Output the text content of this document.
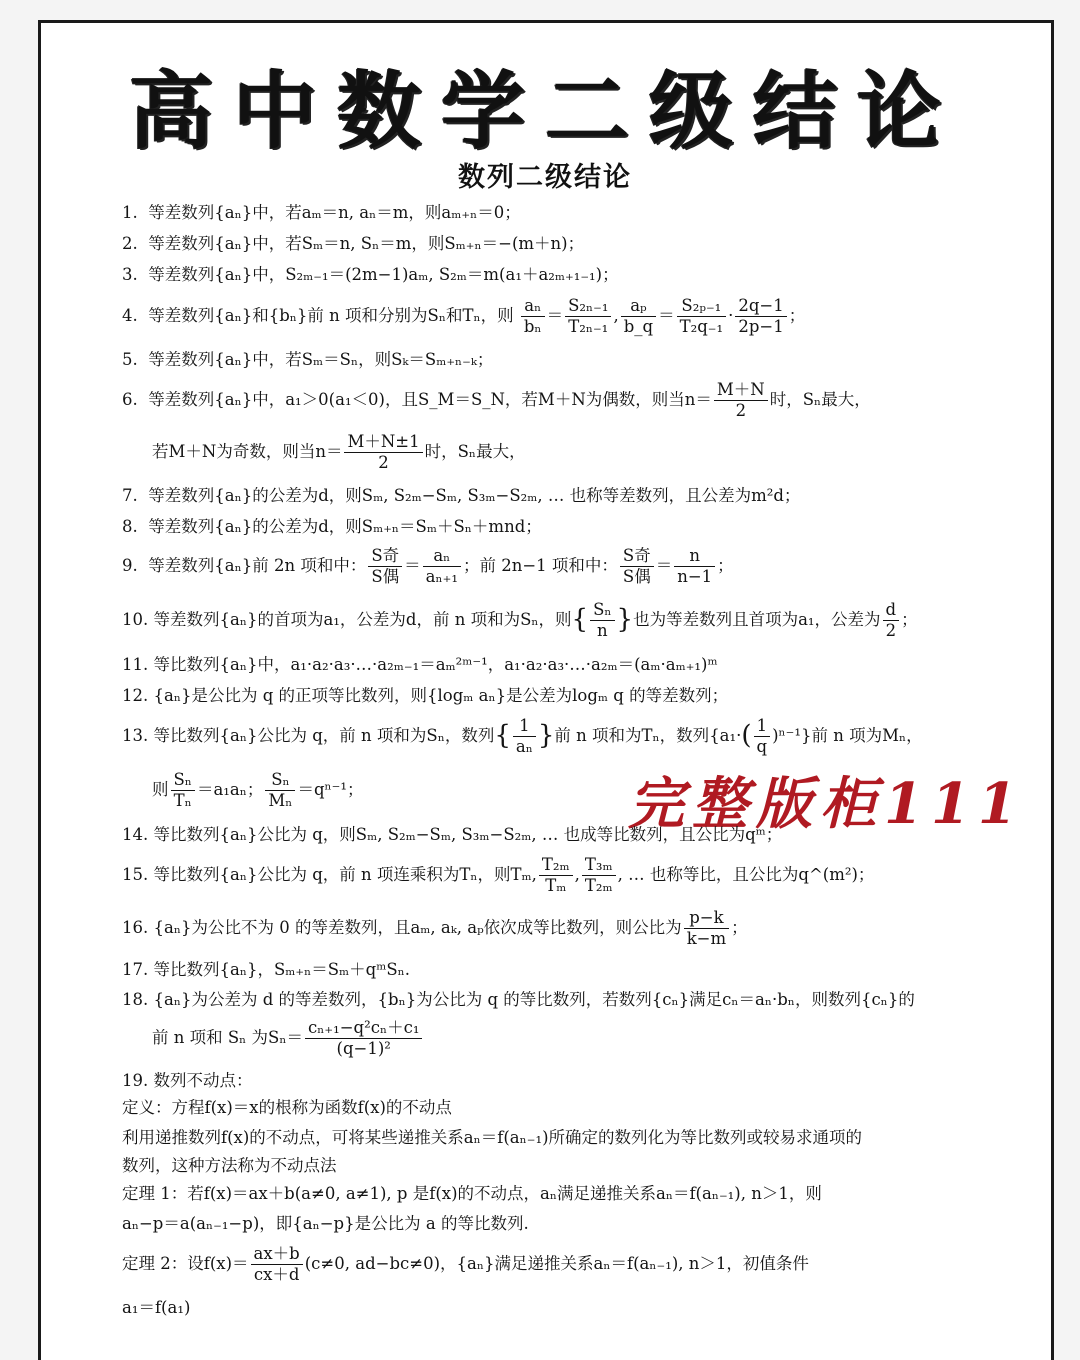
高中数学二级结论
数列二级结论
1. 等差数列{aₙ}中，若aₘ＝n, aₙ＝m，则aₘ₊ₙ＝0；
2. 等差数列{aₙ}中，若Sₘ＝n, Sₙ＝m，则Sₘ₊ₙ＝−(m＋n)；
3. 等差数列{aₙ}中，S₂ₘ₋₁＝(2m−1)aₘ, S₂ₘ＝m(a₁＋a₂ₘ₊₁₋₁)；
4. 等差数列{aₙ}和{bₙ}前 n 项和分别为Sₙ和Tₙ，则 $\frac{\text{aₙ}}{\text{bₙ}} = \frac{\text{S₂ₙ₋₁}}{\text{T₂ₙ₋₁}}$ , $\frac{\text{aₚ}}{b\_q} = \frac{\text{S₂ₚ₋₁}}{\text{T₂q₋₁}} \cdot \frac{2q-1}{2p-1}$ ；
5. 等差数列{aₙ}中，若Sₘ＝Sₙ，则Sₖ＝Sₘ₊ₙ₋ₖ；
6. 等差数列{aₙ}中，a₁＞0(a₁＜0)，且S_M＝S_N，若M＋N为偶数，则当$n= \frac{M+N}{2}$ 时，Sₙ最大，
若M＋N为奇数，则当$n= \frac{M+N\pm 1}{2}$ 时，Sₙ最大，
7. 等差数列{aₙ}的公差为d，则Sₘ, S₂ₘ−Sₘ, S₃ₘ−S₂ₘ, … 也称等差数列，且公差为m²d；
8. 等差数列{aₙ}的公差为d，则Sₘ₊ₙ＝Sₘ＋Sₙ＋mnd；
9. 等差数列{aₙ}前 2n 项和中： $\frac{\text{S奇}}{\text{S偶}} = \frac{\text{aₙ}}{\text{aₙ₊₁}}$ ；前 2n−1 项和中： $\frac{\text{S奇}}{\text{S偶}} = \frac{n}{n-1}$ ；
10. 等差数列{aₙ}的首项为a₁，公差为d，前 n 项和为Sₙ，则{ $\frac{\text{Sₙ}}{n}$ }也为等差数列且首项为a₁，公差为 $\frac{d}{2}$ ；
11. 等比数列{aₙ}中，a₁·a₂·a₃·…·a₂ₘ₋₁＝aₘ²ᵐ⁻¹，a₁·a₂·a₃·…·a₂ₘ＝(aₘ·aₘ₊₁)ᵐ
12. {aₙ}是公比为 q 的正项等比数列，则{logₘ aₙ}是公差为logₘ q 的等差数列；
13. 等比数列{aₙ}公比为 q，前 n 项和为Sₙ，数列{ $\frac{1}{\text{aₙ}}$ }前 n 项和为Tₙ，数列$\{a_1\cdot( \frac{1}{q} )^{n-1}\}$前 n 项为Mₙ，
则 $\frac{\text{Sₙ}}{\text{Tₙ}} =a_1a_n$； $\frac{\text{Sₙ}}{\text{Mₙ}} =q^{n-1}$；	完整版柜111
14. 等比数列{aₙ}公比为 q，则Sₘ, S₂ₘ−Sₘ, S₃ₘ−S₂ₘ, … 也成等比数列，且公比为qᵐ；
15. 等比数列{aₙ}公比为 q，前 n 项连乘积为Tₙ，则Tₘ, $\frac{\text{T₂ₘ}}{\text{Tₘ}}$ , $\frac{\text{T₃ₘ}}{\text{T₂ₘ}}$ , … 也称等比，且公比为q^(m²)；
16. {aₙ}为公比不为 0 的等差数列，且aₘ, aₖ, aₚ依次成等比数列，则公比为 $\frac{p-k}{k-m}$ ；
17. 等比数列{aₙ}，Sₘ₊ₙ＝Sₘ＋qᵐSₙ.
18. {aₙ}为公差为 d 的等差数列，{bₙ}为公比为 q 的等比数列，若数列{cₙ}满足cₙ＝aₙ·bₙ，则数列{cₙ}的
前 n 项和 Sₙ 为$S_n= \frac{\text{cₙ₊₁−q²cₙ＋c₁}}{\text{(q−1)²}}$
19. 数列不动点：
定义：方程f(x)＝x的根称为函数f(x)的不动点
利用递推数列f(x)的不动点，可将某些递推关系aₙ＝f(aₙ₋₁)所确定的数列化为等比数列或较易求通项的
数列，这种方法称为不动点法
定理 1：若f(x)＝ax＋b(a≠0, a≠1), p 是f(x)的不动点，aₙ满足递推关系aₙ＝f(aₙ₋₁), n＞1，则
aₙ−p＝a(aₙ₋₁−p)，即{aₙ−p}是公比为 a 的等比数列.
定理 2：设$f(x)= \frac{ax+b}{cx+d} (c\ne 0$, ad−bc≠0)，{aₙ}满足递推关系aₙ＝f(aₙ₋₁), n＞1，初值条件
a₁＝f(a₁)
